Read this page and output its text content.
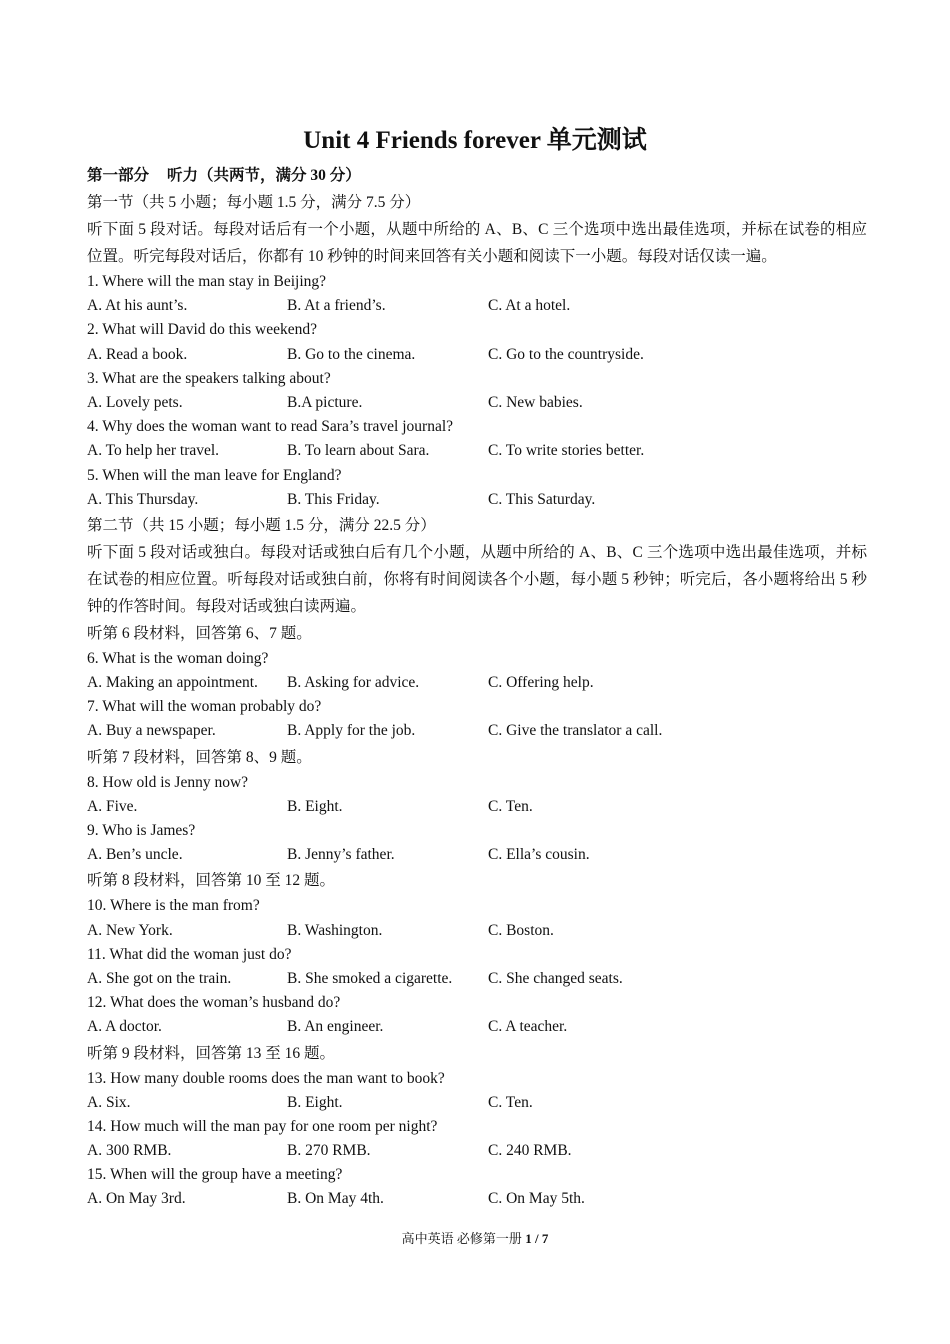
Unit 4 Friends forever 单元测试
第一部分 听力（共两节，满分 30 分）
第一节（共 5 小题；每小题 1.5 分，满分 7.5 分）
听下面 5 段对话。每段对话后有一个小题，从题中所给的 A、B、C 三个选项中选出最佳选项，并标在试卷的相应位置。听完每段对话后，你都有 10 秒钟的时间来回答有关小题和阅读下一小题。每段对话仅读一遍。
1. Where will the man stay in Beijing?
A. At his aunt’s.	B. At a friend’s.	C. At a hotel.
2. What will David do this weekend?
A. Read a book.	B. Go to the cinema.	C. Go to the countryside.
3. What are the speakers talking about?
A. Lovely pets.	B.A picture.	C. New babies.
4. Why does the woman want to read Sara’s travel journal?
A. To help her travel.	B. To learn about Sara.	C. To write stories better.
5. When will the man leave for England?
A. This Thursday.	B. This Friday.	C. This Saturday.
第二节（共 15 小题；每小题 1.5 分，满分 22.5 分）
听下面 5 段对话或独白。每段对话或独白后有几个小题，从题中所给的 A、B、C 三个选项中选出最佳选项，并标在试卷的相应位置。听每段对话或独白前，你将有时间阅读各个小题，每小题 5 秒钟；听完后，各小题将给出 5 秒钟的作答时间。每段对话或独白读两遍。
听第 6 段材料，回答第 6、7 题。
6. What is the woman doing?
A. Making an appointment.	B. Asking for advice.	C. Offering help.
7. What will the woman probably do?
A. Buy a newspaper.	B. Apply for the job.	C. Give the translator a call.
听第 7 段材料，回答第 8、9 题。
8. How old is Jenny now?
A. Five.	B. Eight.	C. Ten.
9. Who is James?
A. Ben’s uncle.	B. Jenny’s father.	C. Ella’s cousin.
听第 8 段材料，回答第 10 至 12 题。
10. Where is the man from?
A. New York.	B. Washington.	C. Boston.
11. What did the woman just do?
A. She got on the train.	B. She smoked a cigarette.	C. She changed seats.
12. What does the woman’s husband do?
A. A doctor.	B. An engineer.	C. A teacher.
听第 9 段材料，回答第 13 至 16 题。
13. How many double rooms does the man want to book?
A. Six.	B. Eight.	C. Ten.
14. How much will the man pay for one room per night?
A. 300 RMB.	B. 270 RMB.	C. 240 RMB.
15. When will the group have a meeting?
A. On May 3rd.	B. On May 4th.	C. On May 5th.
高中英语 必修第一册 1 / 7
